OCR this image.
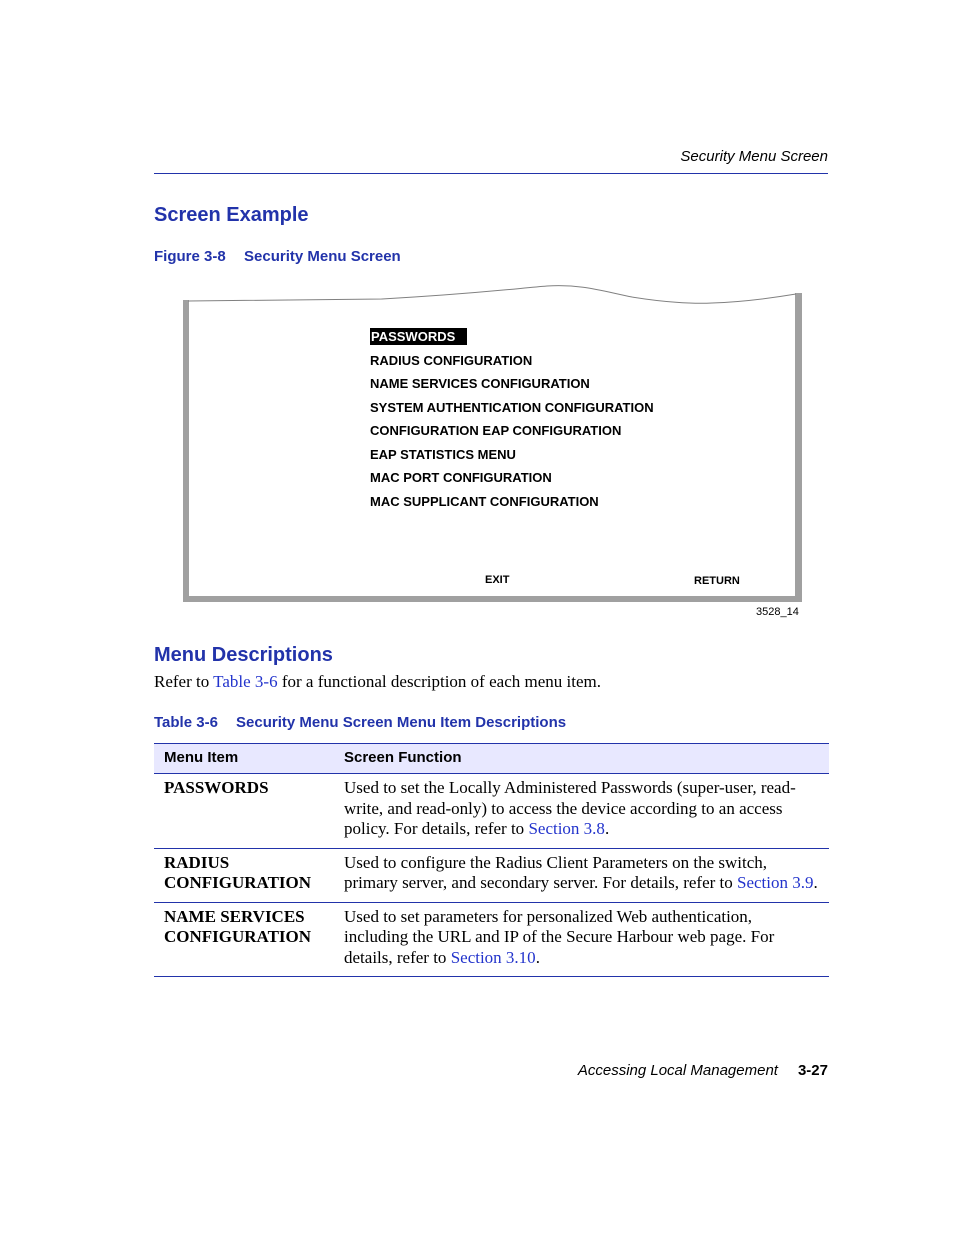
Security Menu Screen
Screen Example
Figure 3-8 Security Menu Screen
PASSWORDS
RADIUS CONFIGURATION
NAME SERVICES CONFIGURATION
SYSTEM AUTHENTICATION CONFIGURATION
CONFIGURATION EAP CONFIGURATION
EAP STATISTICS MENU
MAC PORT CONFIGURATION
MAC SUPPLICANT CONFIGURATION
EXIT	RETURN
3528_14
Menu Descriptions
Refer to Table 3-6 for a functional description of each menu item.
Table 3-6 Security Menu Screen Menu Item Descriptions
Menu Item	Screen Function
PASSWORDS	Used to set the Locally Administered Passwords (super-user, read-write, and read-only) to access the device according to an access policy. For details, refer to Section 3.8.
RADIUS
CONFIGURATION	Used to configure the Radius Client Parameters on the switch, primary server, and secondary server. For details, refer to Section 3.9.
NAME SERVICES
CONFIGURATION	Used to set parameters for personalized Web authentication, including the URL and IP of the Secure Harbour web page. For details, refer to Section 3.10.
Accessing Local Management 3-27
